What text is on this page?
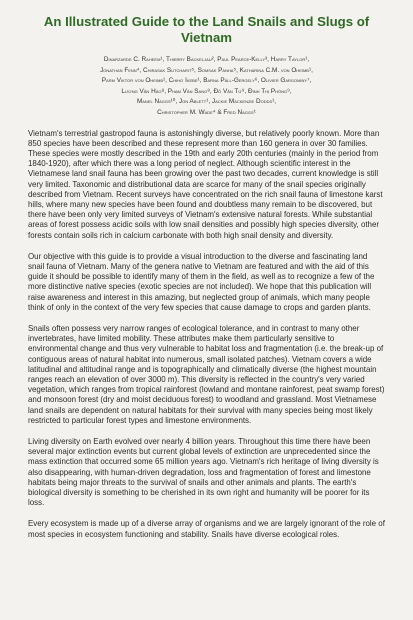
An Illustrated Guide to the Land Snails and Slugs of Vietnam
Dinarzarde C. Raheem¹, Thierry Backeljau², Paul Pearce-Kelly³, Harry Taylor¹,
Jonathan Fenn⁴, Chirasak Sutcharit⁵, Somsak Panha⁵, Katharina C.M. von Oheimb¹,
Parm Viktor von Oheimb¹, Chiho Ikebe¹, Barna Páll-Gergely⁶, Olivier Gargominy⁷,
Lương Văn Hào⁸, Phạm Văn Sang⁸, Đỗ Văn Tứ⁹, Đinh Thị Phòng⁹,
Manel Naggs¹⁰, Jon Ablett¹, Jackie Mackenzie Dodds¹,
Christopher M. Wade⁴ & Fred Naggs¹

Vietnam's terrestrial gastropod fauna is astonishingly diverse, but relatively poorly known. More than 850 species have been described and these represent more than 160 genera in over 30 families. These species were mostly described in the 19th and early 20th centuries (mainly in the period from 1840-1920), after which there was a long period of neglect. Although scientific interest in the Vietnamese land snail fauna has been growing over the past two decades, current knowledge is still very limited. Taxonomic and distributional data are scarce for many of the snail species originally described from Vietnam. Recent surveys have concentrated on the rich snail fauna of limestone karst hills, where many new species have been found and doubtless many remain to be discovered, but there have been only very limited surveys of Vietnam's extensive natural forests. While substantial areas of forest possess acidic soils with low snail densities and possibly high species diversity, other forests contain soils rich in calcium carbonate with both high snail density and diversity.

Our objective with this guide is to provide a visual introduction to the diverse and fascinating land snail fauna of Vietnam. Many of the genera native to Vietnam are featured and with the aid of this guide it should be possible to identify many of them in the field, as well as to recognize a few of the more distinctive native species (exotic species are not included). We hope that this publication will raise awareness and interest in this amazing, but neglected group of animals, which many people think of only in the context of the very few species that cause damage to crops and garden plants.

Snails often possess very narrow ranges of ecological tolerance, and in contrast to many other invertebrates, have limited mobility. These attributes make them particularly sensitive to environmental change and thus very vulnerable to habitat loss and fragmentation (i.e. the break-up of contiguous areas of natural habitat into numerous, small isolated patches). Vietnam covers a wide latitudinal and altitudinal range and is topographically and climatically diverse (the highest mountain ranges reach an elevation of over 3000 m). This diversity is reflected in the country's very varied vegetation, which ranges from tropical rainforest (lowland and montane rainforest, peat swamp forest) and monsoon forest (dry and moist deciduous forest) to woodland and grassland. Most Vietnamese land snails are dependent on natural habitats for their survival with many species being most likely restricted to particular forest types and limestone environments.

Living diversity on Earth evolved over nearly 4 billion years. Throughout this time there have been several major extinction events but current global levels of extinction are unprecedented since the mass extinction that occurred some 65 million years ago. Vietnam's rich heritage of living diversity is also disappearing, with human-driven degradation, loss and fragmentation of forest and limestone habitats being major threats to the survival of snails and other animals and plants. The earth's biological diversity is something to be cherished in its own right and humanity will be poorer for its loss.

Every ecosystem is made up of a diverse array of organisms and we are largely ignorant of the role of most species in ecosystem functioning and stability. Snails have diverse ecological roles.
